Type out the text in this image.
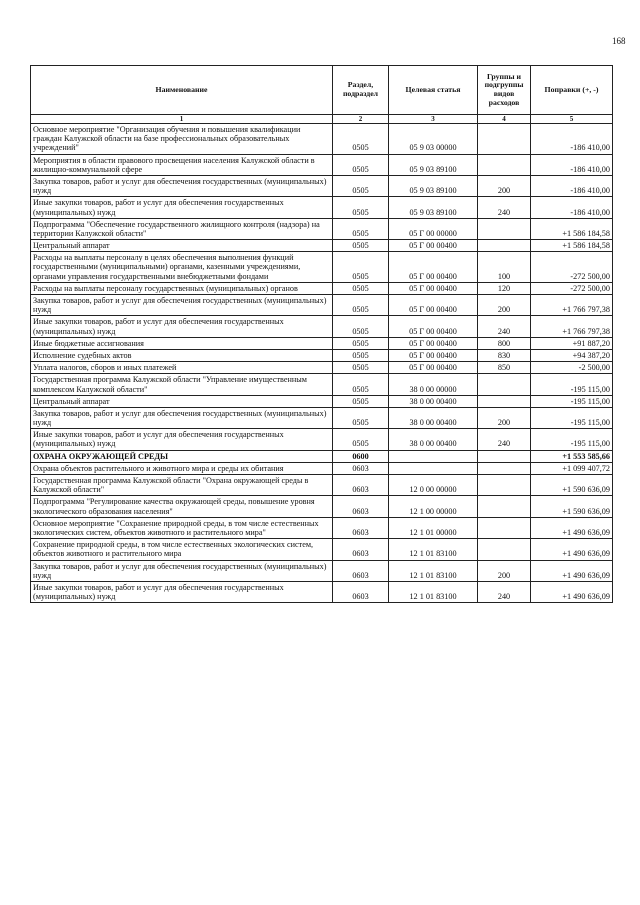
168
Наименование	Раздел, подраздел	Целевая статья	Группы и подгруппы видов расходов	Поправки (+, -)
1	2	3	4	5
Основное мероприятие "Организация обучения и повышения квалификации граждан Калужской области на базе профессиональных образовательных учреждений"	0505	05 9 03 00000		-186 410,00
Мероприятия в области правового просвещения населения Калужской области в жилищно-коммунальной сфере	0505	05 9 03 89100		-186 410,00
Закупка товаров, работ и услуг для обеспечения государственных (муниципальных) нужд	0505	05 9 03 89100	200	-186 410,00
Иные закупки товаров, работ и услуг для обеспечения государственных (муниципальных) нужд	0505	05 9 03 89100	240	-186 410,00
Подпрограмма "Обеспечение государственного жилищного контроля (надзора) на территории Калужской области"	0505	05 Г 00 00000		+1 586 184,58
Центральный аппарат	0505	05 Г 00 00400		+1 586 184,58
Расходы на выплаты персоналу в целях обеспечения выполнения функций государственными (муниципальными) органами, казенными учреждениями, органами управления государственными внебюджетными фондами	0505	05 Г 00 00400	100	-272 500,00
Расходы на выплаты персоналу государственных (муниципальных) органов	0505	05 Г 00 00400	120	-272 500,00
Закупка товаров, работ и услуг для обеспечения государственных (муниципальных) нужд	0505	05 Г 00 00400	200	+1 766 797,38
Иные закупки товаров, работ и услуг для обеспечения государственных (муниципальных) нужд	0505	05 Г 00 00400	240	+1 766 797,38
Иные бюджетные ассигнования	0505	05 Г 00 00400	800	+91 887,20
Исполнение судебных актов	0505	05 Г 00 00400	830	+94 387,20
Уплата налогов, сборов и иных платежей	0505	05 Г 00 00400	850	-2 500,00
Государственная программа Калужской области "Управление имущественным комплексом Калужской области"	0505	38 0 00 00000		-195 115,00
Центральный аппарат	0505	38 0 00 00400		-195 115,00
Закупка товаров, работ и услуг для обеспечения государственных (муниципальных) нужд	0505	38 0 00 00400	200	-195 115,00
Иные закупки товаров, работ и услуг для обеспечения государственных (муниципальных) нужд	0505	38 0 00 00400	240	-195 115,00
ОХРАНА ОКРУЖАЮЩЕЙ СРЕДЫ	0600			+1 553 585,66
Охрана объектов растительного и животного мира и среды их обитания	0603			+1 099 407,72
Государственная программа Калужской области "Охрана окружающей среды в Калужской области"	0603	12 0 00 00000		+1 590 636,09
Подпрограмма "Регулирование качества окружающей среды, повышение уровня экологического образования населения"	0603	12 1 00 00000		+1 590 636,09
Основное мероприятие "Сохранение природной среды, в том числе естественных экологических систем, объектов животного и растительного мира"	0603	12 1 01 00000		+1 490 636,09
Сохранение природной среды, в том числе естественных экологических систем, объектов животного и растительного мира	0603	12 1 01 83100		+1 490 636,09
Закупка товаров, работ и услуг для обеспечения государственных (муниципальных) нужд	0603	12 1 01 83100	200	+1 490 636,09
Иные закупки товаров, работ и услуг для обеспечения государственных (муниципальных) нужд	0603	12 1 01 83100	240	+1 490 636,09
